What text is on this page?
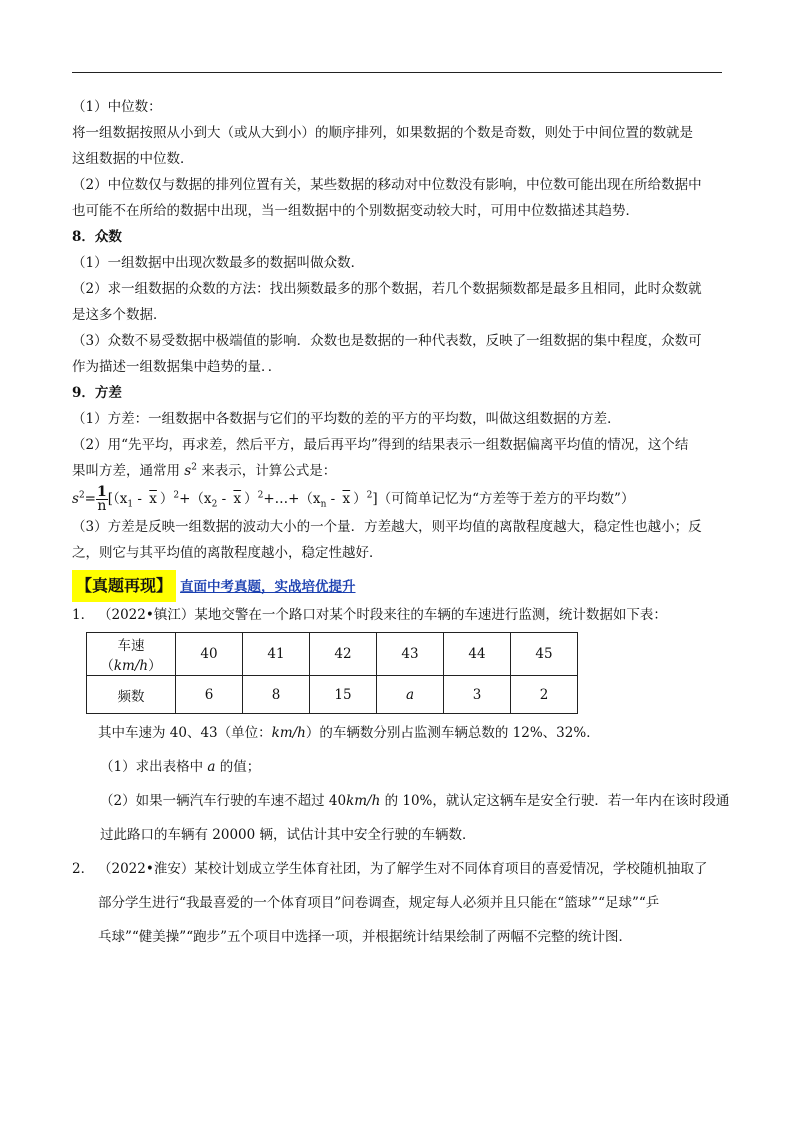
（1）中位数：
将一组数据按照从小到大（或从大到小）的顺序排列，如果数据的个数是奇数，则处于中间位置的数就是
这组数据的中位数．
（2）中位数仅与数据的排列位置有关，某些数据的移动对中位数没有影响，中位数可能出现在所给数据中
也可能不在所给的数据中出现，当一组数据中的个别数据变动较大时，可用中位数描述其趋势．
8．众数
（1）一组数据中出现次数最多的数据叫做众数．
（2）求一组数据的众数的方法：找出频数最多的那个数据，若几个数据频数都是最多且相同，此时众数就
是这多个数据．
（3）众数不易受数据中极端值的影响．众数也是数据的一种代表数，反映了一组数据的集中程度，众数可
作为描述一组数据集中趋势的量．．
9．方差
（1）方差：一组数据中各数据与它们的平均数的差的平方的平均数，叫做这组数据的方差．
（2）用“先平均，再求差，然后平方，最后再平均”得到的结果表示一组数据偏离平均值的情况，这个结
果叫方差，通常用 $s^2$ 来表示，计算公式是：
$s^2= \frac{1}{n} [(x_1 - \overline{x}$ ）$^2+(x_2 - \overline{x}$ ）$^2+\dots+(x_n - \overline{x}$ ）$^2$]（可简单记忆为“方差等于差方的平均数”）
（3）方差是反映一组数据的波动大小的一个量．方差越大，则平均值的离散程度越大，稳定性也越小；反
之，则它与其平均值的离散程度越小，稳定性越好．
【真题再现】 直面中考真题，实战培优提升
1． （2022•镇江）某地交警在一个路口对某个时段来往的车辆的车速进行监测，统计数据如下表：
车速（km/h）	40	41	42	43	44	45
频数	6	8	15	a	3	2
其中车速为 40、43（单位：km/h）的车辆数分别占监测车辆总数的 12%、32%．
（1）求出表格中 a 的值；
（2）如果一辆汽车行驶的车速不超过 40km/h 的 10%，就认定这辆车是安全行驶．若一年内在该时段通
过此路口的车辆有 20000 辆，试估计其中安全行驶的车辆数．
2． （2022•淮安）某校计划成立学生体育社团，为了解学生对不同体育项目的喜爱情况，学校随机抽取了
部分学生进行“我最喜爱的一个体育项目”问卷调查，规定每人必须并且只能在“篮球”“足球”“乒
乓球”“健美操”“跑步”五个项目中选择一项，并根据统计结果绘制了两幅不完整的统计图．
